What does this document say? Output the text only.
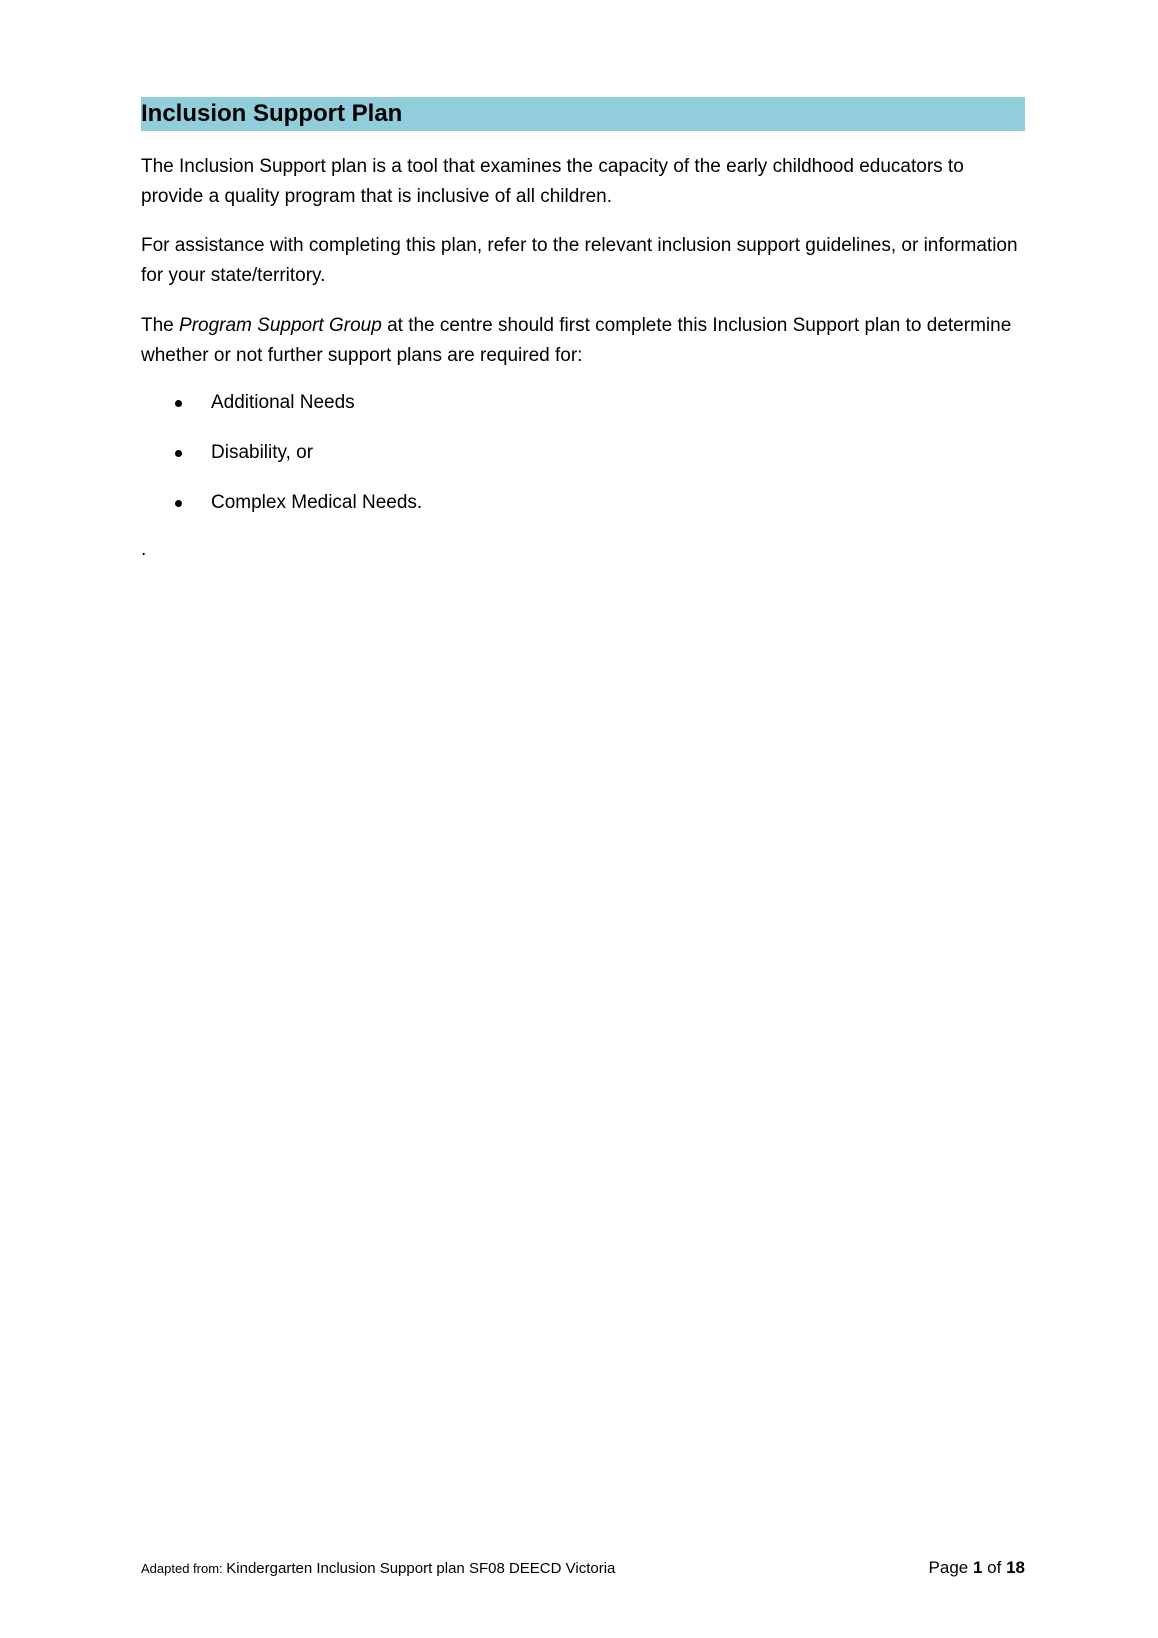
Inclusion Support Plan

The Inclusion Support plan is a tool that examines the capacity of the early childhood educators to provide a quality program that is inclusive of all children.

For assistance with completing this plan, refer to the relevant inclusion support guidelines, or information for your state/territory.

The Program Support Group at the centre should first complete this Inclusion Support plan to determine whether or not further support plans are required for:

Additional Needs
Disability, or
Complex Medical Needs.

.

Adapted from: Kindergarten Inclusion Support plan SF08 DEECD Victoria	Page 1 of 18
